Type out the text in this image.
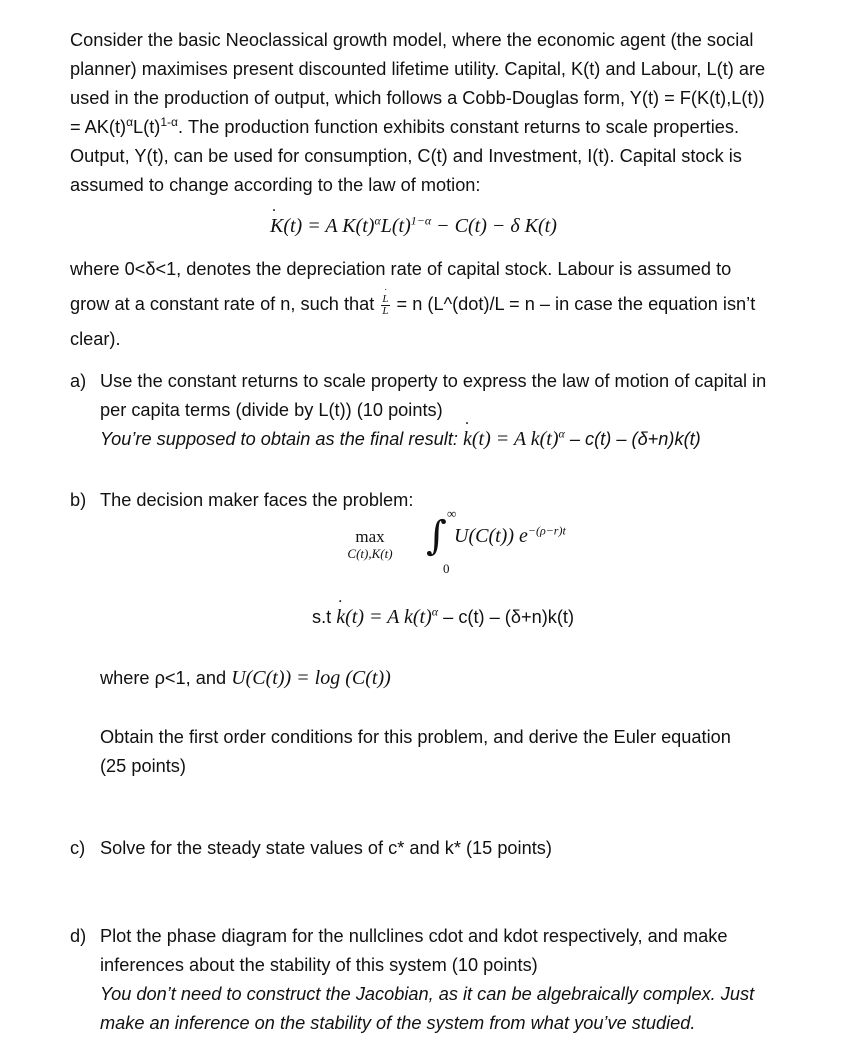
Consider the basic Neoclassical growth model, where the economic agent (the social
planner) maximises present discounted lifetime utility. Capital, K(t) and Labour, L(t) are
used in the production of output, which follows a Cobb-Douglas form, Y(t) = F(K(t),L(t))
= $AK(t)^\alpha L(t)^{1-\alpha}$. The production function exhibits constant returns to scale properties.
Output, Y(t), can be used for consumption, C(t) and Investment, I(t). Capital stock is
assumed to change according to the law of motion:
K(t) ˙ = A $K(t)^\alpha L(t)^{1-\alpha} - C(t) - \delta$ K(t)
where 0<δ<1, denotes the depreciation rate of capital stock. Labour is assumed to
grow at a constant rate of n, such that $\frac{L ˙}{L} = n$ (L^(dot)/L = n – in case the equation isn’t
clear).
a) Use the constant returns to scale property to express the law of motion of capital in
per capita terms (divide by L(t)) (10 points)
You’re supposed to obtain as the final result: k(t) ˙ = A $k(t)^\alpha - c(t) - (\delta+n)k(t)$
b) The decision maker faces the problem:
max
C(t),K(t) ∫ ∞
0
U(C(t)) $e^{-(\rho-r)t}$
s.t k(t) ˙ = A $k(t)^\alpha - c(t) - (\delta+n)k(t)$
where ρ<1, and U(C(t)) = log (C(t))
Obtain the first order conditions for this problem, and derive the Euler equation
(25 points)
c) Solve for the steady state values of c* and k* (15 points)
d) Plot the phase diagram for the nullclines cdot and kdot respectively, and make
inferences about the stability of this system (10 points)
You don’t need to construct the Jacobian, as it can be algebraically complex. Just
make an inference on the stability of the system from what you’ve studied.
